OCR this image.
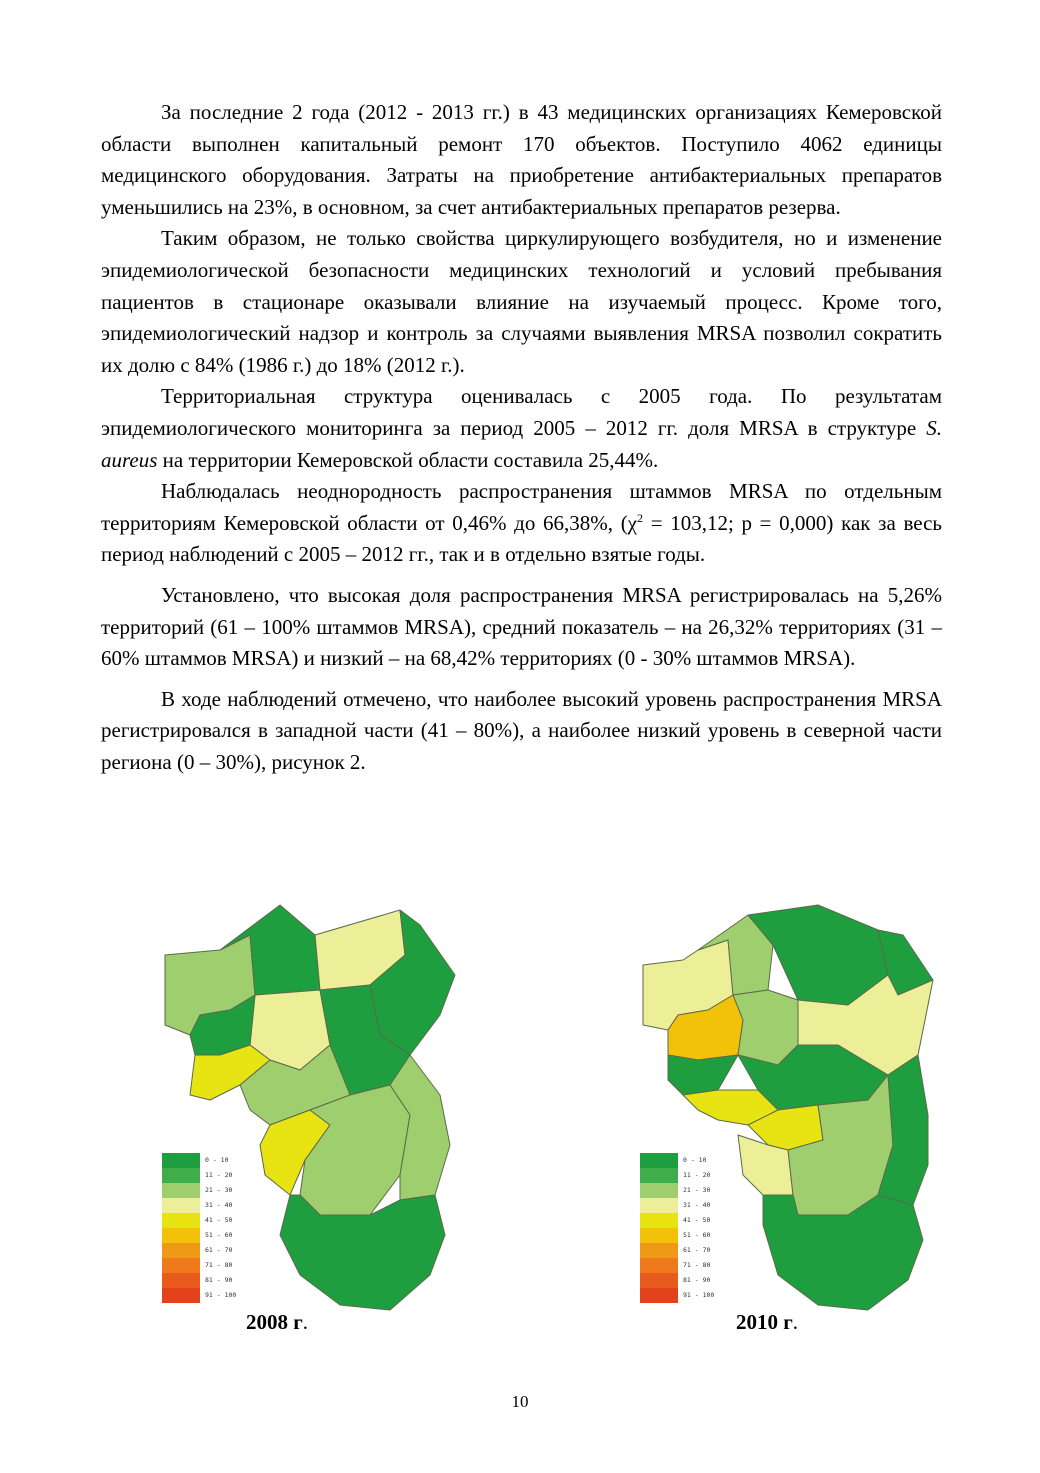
За последние 2 года (2012 - 2013 гг.) в 43 медицинских организациях Кемеровской области выполнен капитальный ремонт 170 объектов. Поступило 4062 единицы медицинского оборудования. Затраты на приобретение антибактериальных препаратов уменьшились на 23%, в основном, за счет антибактериальных препаратов резерва.

Таким образом, не только свойства циркулирующего возбудителя, но и изменение эпидемиологической безопасности медицинских технологий и условий пребывания пациентов в стационаре оказывали влияние на изучаемый процесс. Кроме того, эпидемиологический надзор и контроль за случаями выявления MRSA позволил сократить их долю с 84% (1986 г.) до 18% (2012 г.).

Территориальная структура оценивалась с 2005 года. По результатам эпидемиологического мониторинга за период 2005 – 2012 гг. доля MRSA в структуре S. aureus на территории Кемеровской области составила 25,44%.

Наблюдалась неоднородность распространения штаммов MRSA по отдельным территориям Кемеровской области от 0,46% до 66,38%, ($\chi^2 = 103,12$; p = 0,000) как за весь период наблюдений с 2005 – 2012 гг., так и в отдельно взятые годы.

Установлено, что высокая доля распространения MRSA регистрировалась на 5,26% территорий (61 – 100% штаммов MRSA), средний показатель – на 26,32% территориях (31 – 60% штаммов MRSA) и низкий – на 68,42% территориях (0 - 30% штаммов MRSA).

В ходе наблюдений отмечено, что наиболее высокий уровень распространения MRSA регистрировался в западной части (41 – 80%), а наиболее низкий уровень в северной части региона (0 – 30%), рисунок 2.

0 - 10
11 - 20
21 - 30
31 - 40
41 - 50
51 - 60
61 - 70
71 - 80
81 - 90
91 - 100
0 - 10
11 - 20
21 - 30
31 - 40
41 - 50
51 - 60
61 - 70
71 - 80
81 - 90
91 - 100
2008 г.	2010 г.
10
